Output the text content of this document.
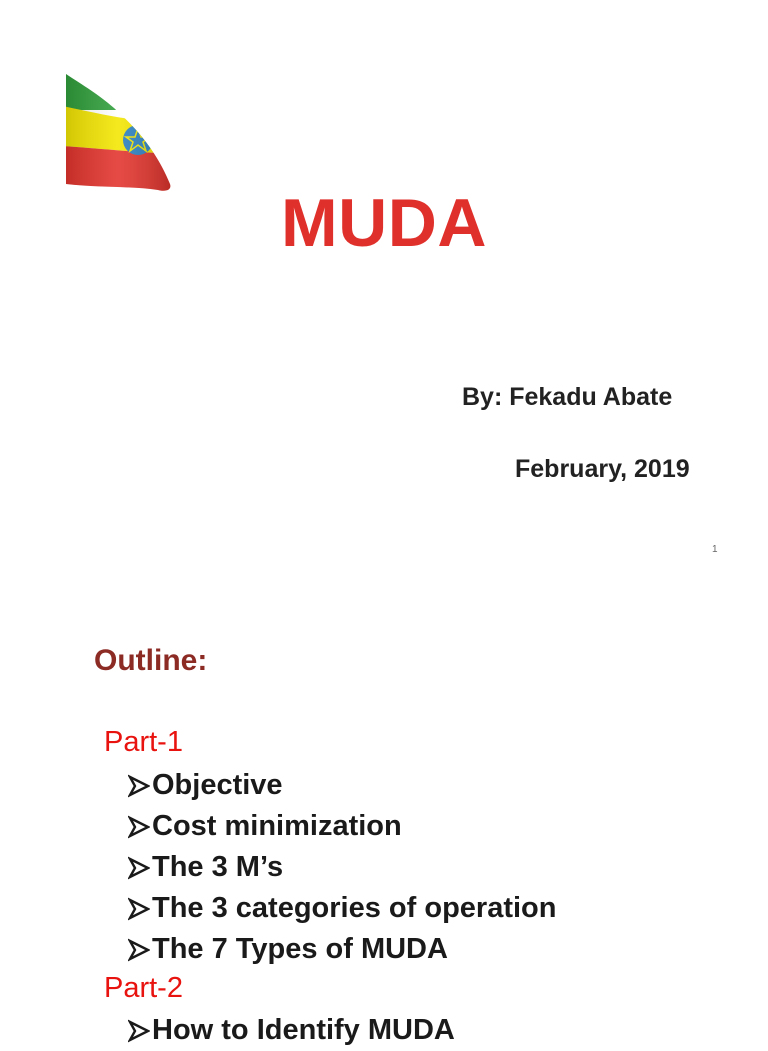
MUDA
By: Fekadu Abate
February, 2019
1
Outline:
Part-1
Objective
Cost minimization
The 3 M’s
The 3 categories of operation
The 7 Types of MUDA
Part-2
How to Identify MUDA
